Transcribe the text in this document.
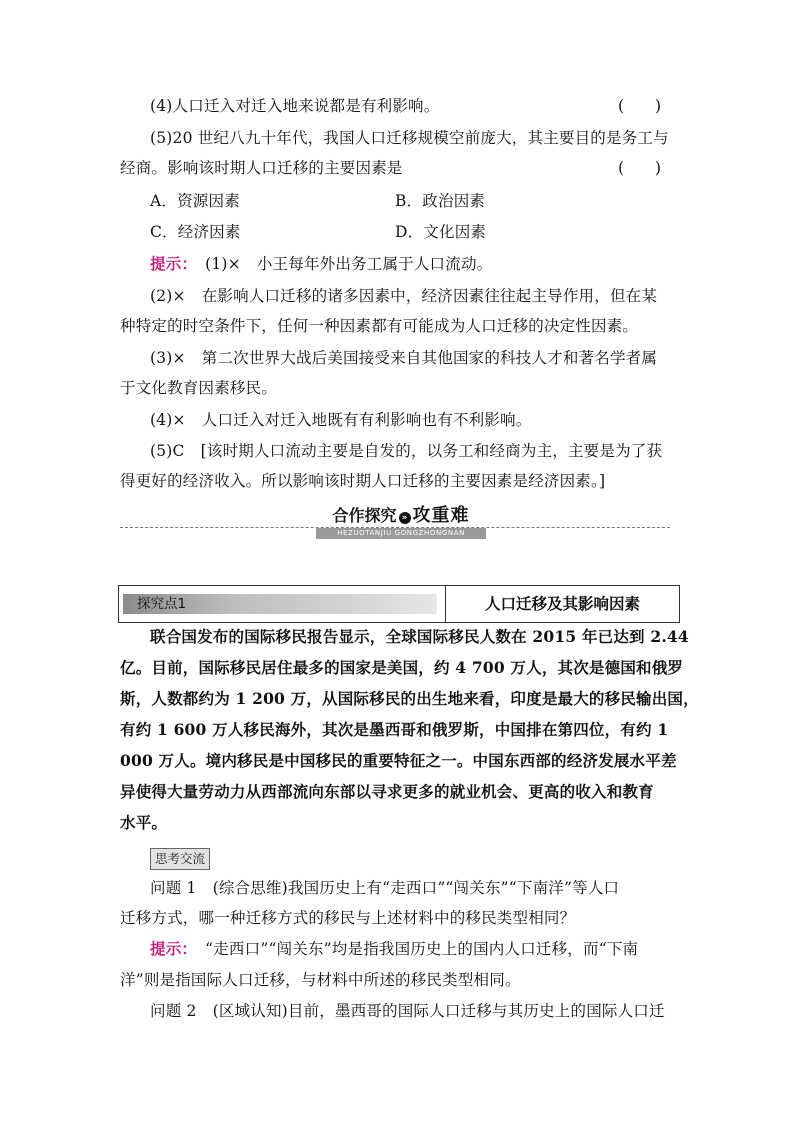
(4)人口迁入对迁入地来说都是有利影响。	(　　)
(5)20 世纪八九十年代，我国人口迁移规模空前庞大，其主要目的是务工与
经商。影响该时期人口迁移的主要因素是	(　　)
A．资源因素	B．政治因素
C．经济因素	D．文化因素
提示： (1)× 小王每年外出务工属于人口流动。
(2)× 在影响人口迁移的诸多因素中，经济因素往往起主导作用，但在某
种特定的时空条件下，任何一种因素都有可能成为人口迁移的决定性因素。
(3)× 第二次世界大战后美国接受来自其他国家的科技人才和著名学者属
于文化教育因素移民。
(4)× 人口迁入对迁入地既有有利影响也有不利影响。
(5)C [该时期人口流动主要是自发的，以务工和经商为主，主要是为了获
得更好的经济收入。所以影响该时期人口迁移的主要因素是经济因素。]
合作探究 » 攻重难
HEZUOTANJIU GONGZHONGNAN
探究点1	人口迁移及其影响因素
联合国发布的国际移民报告显示，全球国际移民人数在 2015 年已达到 2.44
亿。目前，国际移民居住最多的国家是美国，约 4 700 万人，其次是德国和俄罗
斯，人数都约为 1 200 万，从国际移民的出生地来看，印度是最大的移民输出国，
有约 1 600 万人移民海外，其次是墨西哥和俄罗斯，中国排在第四位，有约 1
000 万人。境内移民是中国移民的重要特征之一。中国东西部的经济发展水平差
异使得大量劳动力从西部流向东部以寻求更多的就业机会、更高的收入和教育
水平。
思考交流
问题 1 (综合思维)我国历史上有“走西口”“闯关东”“下南洋”等人口
迁移方式，哪一种迁移方式的移民与上述材料中的移民类型相同？
提示： “走西口”“闯关东”均是指我国历史上的国内人口迁移，而“下南
洋”则是指国际人口迁移，与材料中所述的移民类型相同。
问题 2 (区域认知)目前，墨西哥的国际人口迁移与其历史上的国际人口迁
